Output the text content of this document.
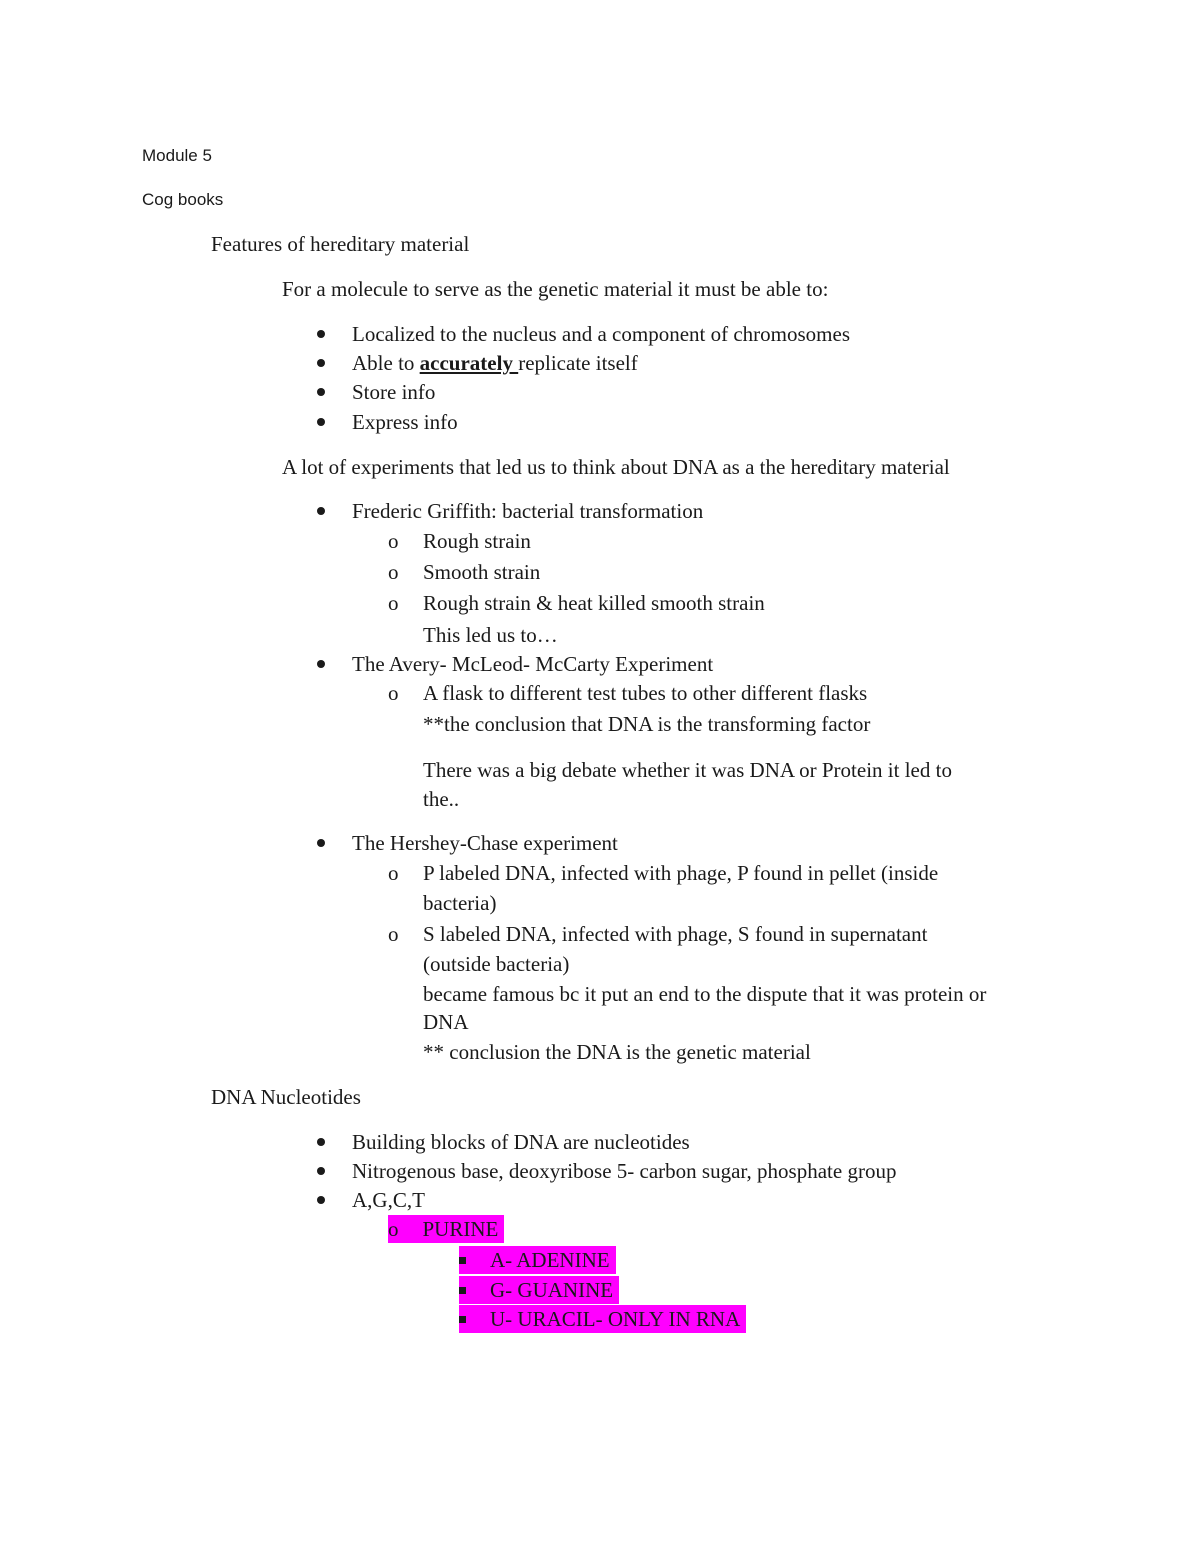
Module 5
Cog books
Features of hereditary material
For a molecule to serve as the genetic material it must be able to:
Localized to the nucleus and a component of chromosomes
Able to accurately replicate itself
Store info
Express info
A lot of experiments that led us to think about DNA as a the hereditary material
Frederic Griffith: bacterial transformation
o Rough strain
o Smooth strain
o Rough strain & heat killed smooth strain
This led us to…
The Avery- McLeod- McCarty Experiment
o A flask to different test tubes to other different flasks
**the conclusion that DNA is the transforming factor
There was a big debate whether it was DNA or Protein it led to
the..
The Hershey-Chase experiment
o P labeled DNA, infected with phage, P found in pellet (inside
bacteria)
o S labeled DNA, infected with phage, S found in supernatant
(outside bacteria)
became famous bc it put an end to the dispute that it was protein or
DNA
** conclusion the DNA is the genetic material
DNA Nucleotides
Building blocks of DNA are nucleotides
Nitrogenous base, deoxyribose 5- carbon sugar, phosphate group
A,G,C,T
o PURINE
A- ADENINE
G- GUANINE
U- URACIL- ONLY IN RNA
